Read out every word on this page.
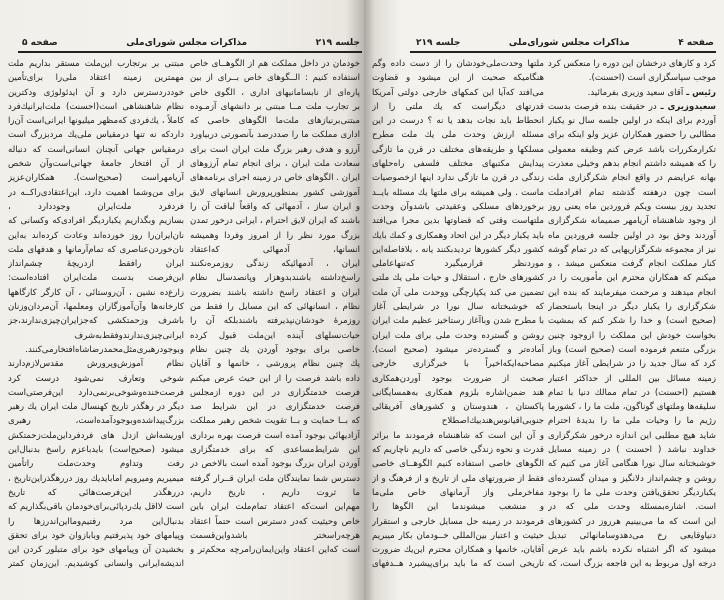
صفحه ۵	مذاکرات مجلس شورای‌ملی	جلسه ۲۱۹
خودمان در داخل مملکت هم از الگوهــای خاص
استفاده کنیم : الــگوهای خاص بــرای از بین
پاره‌ای از نابسامانیهای اداری ، الگوی خاص
بر تجارب ملت مــا مبتنی بر دانشهای آزمـوده
مبتنی‌برنیازهای ملت‌ما الگوهای خاصی که
اداری مملکت ما را صددرصد بآنصورتی دربیاورد
آرزو و هدف رهبر بزرگ ملت ایران است برای
سعادت ملت ایران ، برای انجام تمام آرزوهای
ایران . الگوهای خاص در زمینه اجرای برنامه‌های
آموزشی کشور بمنظورپرورش انسانهای لایق
و ایران ساز ، آدمهائی که واقعاً لیاقت آن را
باشند که ایران لایق احترام ، ایرانی درخور تمدن
بزرگ مورد نظر را از امروز وفردا وهمیشه
انسانها، آدمهائی که‌اعتقاد
ایران ، آدمهائیکه زندگی روزمره‌نکنند
راسخ‌داشته باشندبدوهزار وپانصدسال نظام
ایران و اعتقاد راسخ داشته باشند بضرورت
نظام ، انسانهائی که این مسایل را فقط من
روزمرهٔ خودشان‌نپذیرفته باشندبلکه آن را
حیات‌نسلهای آینده این‌ملت قبول کرده
خاصی برای بوجود آوردن یك چنین نظام
یك چنین نظام پرورشی ، خانمها و آقایان
داده باشد فرصت را از این حیث عرض میکنم
فرصت خدمتگزاری در این دوره ازمجلس
فرصت خدمتگزاری در این شرایط صد
که بــا حمایت و بــا تقویت شخص رهبر مملکت
آزادیهائی بوجود آمده است فرصت بهره برداری
این شرایط‌مساعدی که برای خدمتگزاری
آوردن ایران بزرگ بوجود آمده است بالاخص در
دسترس شما نمایندگان ملت ایران قــرار گرفته
ما ثروت داریم ، تاریخ داریم،
مهم‌این است‌که اعتقاد تمام‌ملت ایران باین
خاص وحیثیت که‌در دسترس است حتماً اعتقاد
هرچه‌راسختر باشدواین‌قسمت
است که‌این اعتقاد واین‌ایمان‌رامرچه محکم‌تر و
مبتنی بر برتجارب این‌ملت مستقر بداریم ملت
مهمترین زمینه اعتقاد ملی‌را برای‌تأمین
خوددردسترس دارد و آن ایدئولوژی ودکترین
نظام شاهنشاهی است(احسنت) ملت‌ایرانیك‌فرد
کاملاً ، یك‌فردی که‌مظهر میلیونها ایرانی‌است آن‌را
داردکه نه تنها درمقیاس ملی‌یك مردبزرگ است
درمقیاس جهانی آنچنان انسانی‌است که دنباله
از آن افتخار جامعهٔ جهانی‌است‌وآن شخص
آریامهراست (صحیح‌است). همکاران‌عزیز
برای من‌وشما اهمیت دارد، این‌اعتقادی‌راکــه در
فردفرد ملت‌ایران وجوددارد ،
بسازیم وبگذاریم یکباردیگر افرادی‌که وکسانی که
نان‌ایران‌را روز خورده‌اند وعادت کرده‌اند به‌این
نان‌خوردن‌عناصری که تمام‌آرمانها و هدفهای ملت
ایران رافقط ازدریچهٔ چشم‌انداز
این‌فرصت بدست ملت‌ایران افتاده‌است:
زارع‌ده نشین ، آن‌روستائی ، آن کارگر کارگاهها
کارخانه‌ها وآن‌آموزگاران ومعلمها، آن‌مردان‌وزنان
باشرف وزحمتکشی که‌جزایران‌چیزی‌ندارند،جز
ایرانی‌چیزی‌ندارندوفقط‌به‌شرف
وبوجودرهبری‌مثل‌محمدرضاشاه‌افتخارمی‌کنند.
نظام آموزش‌وپرورش مقدس‌لازم‌دارند
شوخی وتعارف نمی‌شود درست کرد
فرصت‌خنده‌وشوخی‌برنمی‌دارد این‌فرصتی‌است
دیگر در رهگذر تاریخ کهنسال ملت ایران یك رهبر
بزرگ‌پیداشده‌وبوجودآمده‌است، رهبری
اوریشه‌اش ازدل های فردفرداین‌ملت‌زحمتکش
میشود (صحیح‌است) باید‌باعزم راسخ بدنبال‌این
رفت وتداوم وحدت‌ملت راتأمین
میمیریم ومیرویم امابایدیك روز دررهگذراین‌تاریخ ،
دررهگذر این‌فرصت‌هائی که تاریخ
است لااقل یك‌رد‌پائی‌برای‌خودمان‌ باقی‌بگذاریم که
بدنبال‌این مرد رفتیم‌وما‌این‌اندرزها را
وپیامهای خود پذیرفتیم وبابازوان خود برای تحقق
بخشیدن آن وپیامهای خود برای متبلور کردن این
اندیشه‌ایرانی وانسانی کوشیدیم. این‌زمان کمتر
جلسه ۲۱۹	مذاکرات مجلس شورای‌ملی	صفحه ۴
کرد و کارهای درخشان این دوره را منعکس کرد
موجب سپاسگزاری است (احسنت).
رئیس ـ آقای سعید وزیری بفرمائید.
سعیدوزیری ـ در حقیقت بنده فرصت بدست
آوردم برای اینکه در اولین جلسه سال نو یکبار
مطالبی را حضور همکاران عزیز ولو اینکه برای
تکرارمکررات باشد عرض کنم وظیفه معمولی
را که همیشه داشتم انجام بدهم وخیلی معذرت
بهانه عرایضم در واقع انجام شکرگزاری ملت
است چون درهفته گذشته تمام افرادملت
تجدید روز بیست ویکم فروردین ماه یعنی روز
از وجود شاهنشاه آریامهر صمیمانه شکرگزاری
آوردند وحق بود در اولین جلسه فروردین ماه
نیز از مجموعه شکرگزاریهایی که در تمام گوشه
کنار مملکت انجام گرفت منعکس میشد ، و
میکنم که همکاران محترم این مأموریت را در
انجام میدهند و مرحمت میفرمایند که بنده این
شکرگزاری را یکبار دیگر در اینجا باستحضار
(صحیح است) و خدا را شکر کنم که بمشیت
بخواست خودش این مملکت را ازوجود چنین
بزرگی متنعم فرموده است (صحیح است) وباز
کرد که سال جدید را در شرایطی آغاز میکنیم
زمینه مسائل بین المللی از حداکثر اعتبار
هستیم (احسنت) در تمام ممالك دنیا با تمام
سلیقه‌ها وملتهای گوناگون، ملت ما را ، کشورما
رژیم ما را وحیات ملی ما را بدیدهٔ احترام
شاید هیچ مطلبی این اندازه درخور شکرگزاری
خداوند نباشد ( احسنت ) در زمینه مسایل
خوشبختانه سال نورا هنگامی آغاز می کنیم که
روشن و چشم‌انداز دلانگیز و میدان گسترده‌ای
یکباردیگر تحقق‌یافتن وحدت ملی ما را بوجود
است. اشاره‌بمسئله وحدت ملی که در
این است که ما می‌بینیم هرروز در کشورهای
دنیاوقایعی رخ می‌دهدوسامانهائی تبدیل
میشود که اگر اشتباه نکرده باشم باید عرض
درجه اول مربوط به این فاجعه بزرگ است، که
ملتها وحدت‌ملی‌خودشان را از دست داده وگم
هنگامیکه صحبت از این میشود و قضاوت
می‌افتد که‌آیا این کمکهای خارجی دولتی آمریکا
قدرتهای دیگراست که یك ملتی را از
انحطاط باید نجات بدهد یا نه ؟ درست در این
مسئله ارزش وحدت ملی یك ملت مطرح
مسلکها و طریقه‌های مختلف در قرن ما تازگی
پیدایش مکتبهای مختلف فلسفی راه‌حلهای
زندگی در قرن ما تازگی ندارد اینها ازخصوصیات
ماست . ولی همیشه برای ملتها یك مسئله بایــد
برخوردهای مسلکی وعقیدتی باشدوآن وحدت
ملتهاست وقتی که قضاوتها بدین مجرا می‌افتد
باید یکبار دیگر در این اتحاد وهمکاری و کمك بایك
کشور دیگر کشورها تردیدبکنند یانه ، بلافاصله‌این
موردنظر قرارمیگیرد که‌تنهاعاملی
کشورهای خارج ، استقلال و حیات ملی یك ملتی
تضمین می کند یکپارچگی ووحدت ملی آن ملت
که خوشبختانه سال نورا در شرایطی آغاز
با مطرح شدن وباآغاز رستاخیز عظیم ملت ایران
روشن و گسترده وحدت ملی برای ملت ایران
آماده‌تر و گسترده‌تر میشود (صحیح است).
مصاحبه‌ایکه‌اخیراً با خبرگزاری خارجی
صحبت از ضرورت بوجود آوردن‌همکاری
هند ضمن‌اشاره بلزوم همکاری به‌همسایگانی
پاکستان ، هندوستان و کشورهای آفریقائی
جنوبی‌اقیانوس‌هندبیك‌اصطلاح
و آن این است که شاهنشاه فرمودند ما براثر
قدرت و نحوه زندگی خاصی که داریم ناچاریم که
الگوهای خاصی استفاده کنیم الگوهــای خاصی
فقط از ضرورتهای ملی از تاریخ و از فرهنگ و از
مفاخرملی واز آرمانهای خاص ملی‌ما
و منشعب میشوندما این الگوها را
فرمودند در زمینه حل مسایل خارجی و استقرار
حیثیت و اعتبار بین‌المللی خــودمان بکار میبریم
آقایان، خانمها و همکاران محترم این‌یك ضرورت
تاریخی است که ما باید برای‌پیشبرد هــدفهای
